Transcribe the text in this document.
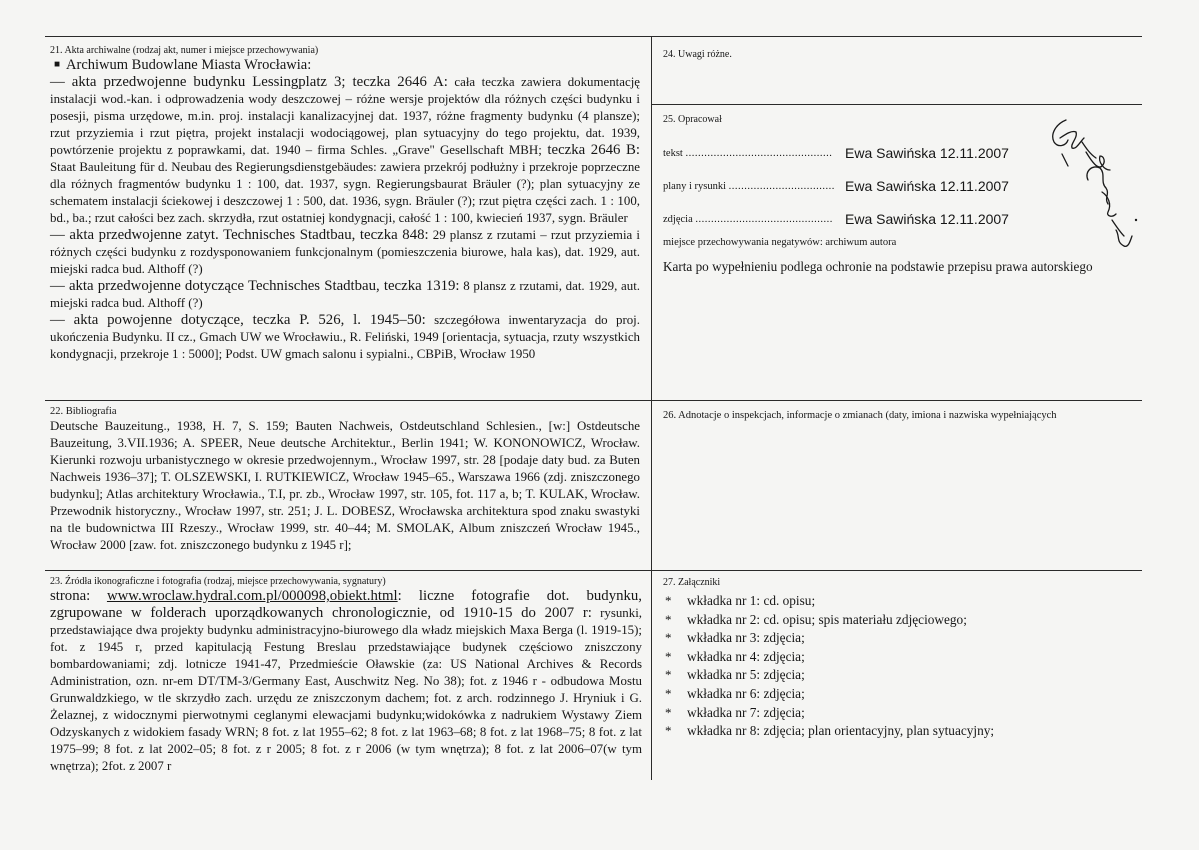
21. Akta archiwalne (rodzaj akt, numer i miejsce przechowywania)
■ Archiwum Budowlane Miasta Wrocławia:

— akta przedwojenne budynku Lessingplatz 3; teczka 2646 A: cała teczka zawiera dokumentację instalacji wod.-kan. i odprowadzenia wody deszczowej – różne wersje projektów dla różnych części budynku i posesji, pisma urzędowe, m.in. proj. instalacji kanalizacyjnej dat. 1937, różne fragmenty budynku (4 plansze); rzut przyziemia i rzut piętra, projekt instalacji wodociągowej, plan sytuacyjny do tego projektu, dat. 1939, powtórzenie projektu z poprawkami, dat. 1940 – firma Schles. „Grave" Gesellschaft MBH; teczka 2646 B: Staat Bauleitung für d. Neubau des Regierungsdienstgebäudes: zawiera przekrój podłużny i przekroje poprzeczne dla różnych fragmentów budynku 1 : 100, dat. 1937, sygn. Regierungsbaurat Bräuler (?); plan sytuacyjny ze schematem instalacji ściekowej i deszczowej 1 : 500, dat. 1936, sygn. Bräuler (?); rzut piętra części zach. 1 : 100, bd., ba.; rzut całości bez zach. skrzydła, rzut ostatniej kondygnacji, całość 1 : 100, kwiecień 1937, sygn. Bräuler

— akta przedwojenne zatyt. Technisches Stadtbau, teczka 848: 29 plansz z rzutami – rzut przyziemia i różnych części budynku z rozdysponowaniem funkcjonalnym (pomieszczenia biurowe, hala kas), dat. 1929, aut. miejski radca bud. Althoff (?)

— akta przedwojenne dotyczące Technisches Stadtbau, teczka 1319: 8 plansz z rzutami, dat. 1929, aut. miejski radca bud. Althoff (?)

— akta powojenne dotyczące, teczka P. 526, l. 1945–50: szczegółowa inwentaryzacja do proj. ukończenia Budynku. II cz., Gmach UW we Wrocławiu., R. Feliński, 1949 [orientacja, sytuacja, rzuty wszystkich kondygnacji, przekroje 1 : 5000]; Podst. UW gmach salonu i sypialni., CBPiB, Wrocław 1950

22. Bibliografia

Deutsche Bauzeitung., 1938, H. 7, S. 159; Bauten Nachweis, Ostdeutschland Schlesien., [w:] Ostdeutsche Bauzeitung, 3.VII.1936; A. SPEER, Neue deutsche Architektur., Berlin 1941; W. KONONOWICZ, Wrocław. Kierunki rozwoju urbanistycznego w okresie przedwojennym., Wrocław 1997, str. 28 [podaje daty bud. za Buten Nachweis 1936–37]; T. OLSZEWSKI, I. RUTKIEWICZ, Wrocław 1945–65., Warszawa 1966 (zdj. zniszczonego budynku]; Atlas architektury Wrocławia., T.I, pr. zb., Wrocław 1997, str. 105, fot. 117 a, b; T. KULAK, Wrocław. Przewodnik historyczny., Wrocław 1997, str. 251; J. L. DOBESZ, Wrocławska architektura spod znaku swastyki na tle budownictwa III Rzeszy., Wrocław 1999, str. 40–44; M. SMOLAK, Album zniszczeń Wrocław 1945., Wrocław 2000 [zaw. fot. zniszczonego budynku z 1945 r];

23. Źródła ikonograficzne i fotografia (rodzaj, miejsce przechowywania, sygnatury)

strona: www.wroclaw.hydral.com.pl/000098,obiekt.html: liczne fotografie dot. budynku, zgrupowane w folderach uporządkowanych chronologicznie, od 1910-15 do 2007 r: rysunki, przedstawiające dwa projekty budynku administracyjno-biurowego dla władz miejskich Maxa Berga (l. 1919-15); fot. z 1945 r, przed kapitulacją Festung Breslau przedstawiające budynek częściowo zniszczony bombardowaniami; zdj. lotnicze 1941-47, Przedmieście Oławskie (za: US National Archives & Records Administration, ozn. nr-em DT/TM-3/Germany East, Auschwitz Neg. No 38); fot. z 1946 r - odbudowa Mostu Grunwaldzkiego, w tle skrzydło zach. urzędu ze zniszczonym dachem; fot. z arch. rodzinnego J. Hryniuk i G. Żelaznej, z widocznymi pierwotnymi ceglanymi elewacjami budynku;widokówka z nadrukiem Wystawy Ziem Odzyskanych z widokiem fasady WRN; 8 fot. z lat 1955–62; 8 fot. z lat 1963–68; 8 fot. z lat 1968–75; 8 fot. z lat 1975–99; 8 fot. z lat 2002–05; 8 fot. z r 2005; 8 fot. z r 2006 (w tym wnętrza); 8 fot. z lat 2006–07(w tym wnętrza); 2fot. z 2007 r

24. Uwagi różne.
25. Opracował
tekst ............................................... Ewa Sawińska 12.11.2007
plany i rysunki .................................. Ewa Sawińska 12.11.2007
zdjęcia ............................................ Ewa Sawińska 12.11.2007
miejsce przechowywania negatywów: archiwum autora
Karta po wypełnieniu podlega ochronie na podstawie przepisu prawa autorskiego
26. Adnotacje o inspekcjach, informacje o zmianach (daty, imiona i nazwiska wypełniających
27. Załączniki
* wkładka nr 1: cd. opisu;
* wkładka nr 2: cd. opisu; spis materiału zdjęciowego;
* wkładka nr 3: zdjęcia;
* wkładka nr 4: zdjęcia;
* wkładka nr 5: zdjęcia;
* wkładka nr 6: zdjęcia;
* wkładka nr 7: zdjęcia;
* wkładka nr 8: zdjęcia; plan orientacyjny, plan sytuacyjny;
